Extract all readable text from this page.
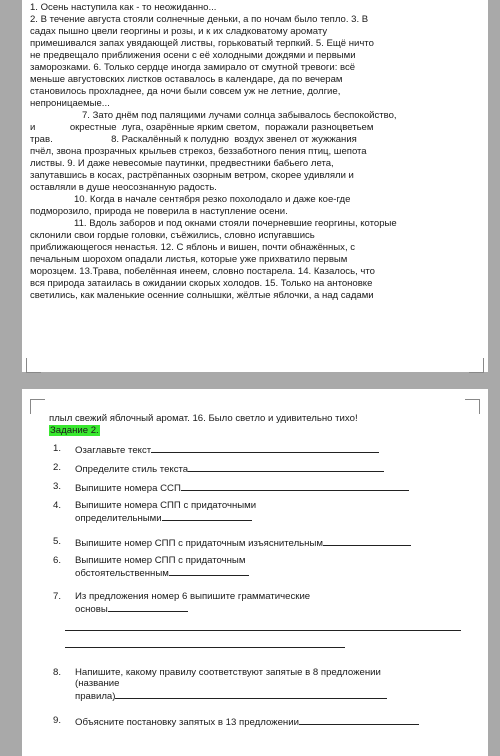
1. Осень наступила как - то неожиданно...
2. В течение августа стояли солнечные деньки, а по ночам было тепло. 3. В
садах пышно цвели георгины и розы, и к их сладковатому аромату
примешивался запах увядающей листвы, горьковатый терпкий. 5. Ещё ничто
не предвещало приближения осени с её холодными дождями и первыми
заморозками. 6. Только сердце иногда замирало от смутной тревоги: всё
меньше августовских листков оставалось в календаре, да по вечерам
становилось прохладнее, да ночи были совсем уж не летние, долгие,
непроницаемые...
7. Зато днём под палящими лучами солнца забывалось беспокойство,
и             окрестные  луга, озарённые ярким светом,  поражали разноцветьем
трав.                      8. Раскалённый к полудню  воздух звенел от жужжания
пчёл, звона прозрачных крыльев стрекоз, беззаботного пения птиц, шепота
листвы. 9. И даже невесомые паутинки, предвестники бабьего лета,
запутавшись в косах, растрёпанных озорным ветром, скорее удивляли и
оставляли в душе неосознанную радость.
10. Когда в начале сентября резко похолодало и даже кое-где
подморозило, природа не поверила в наступление осени.
11. Вдоль заборов и под окнами стояли почерневшие георгины, которые
склонили свои гордые головки, съёжились, словно испугавшись
приближающегося ненастья. 12. С яблонь и вишен, почти обнажённых, с
печальным шорохом опадали листья, которые уже прихватило первым
морозцем. 13.Трава, побелённая инеем, словно постарела. 14. Казалось, что
вся природа затаилась в ожидании скорых холодов. 15. Только на антоновке
светились, как маленькие осенние солнышки, жёлтые яблочки, а над садами
плыл свежий яблочный аромат. 16. Было светло и удивительно тихо!
Задание 2.
1. Озаглавьте текст
2. Определите стиль текста
3. Выпишите номера ССП
4. Выпишите номера СПП с придаточными
определительными
5. Выпишите номер СПП с придаточным изъяснительным
6. Выпишите номер СПП с придаточным
обстоятельственным
7. Из предложения номер 6 выпишите грамматические
основы
8. Напишите, какому правилу соответствуют запятые в 8 предложении
(название
правила)
9. Объясните постановку запятых в 13 предложении
